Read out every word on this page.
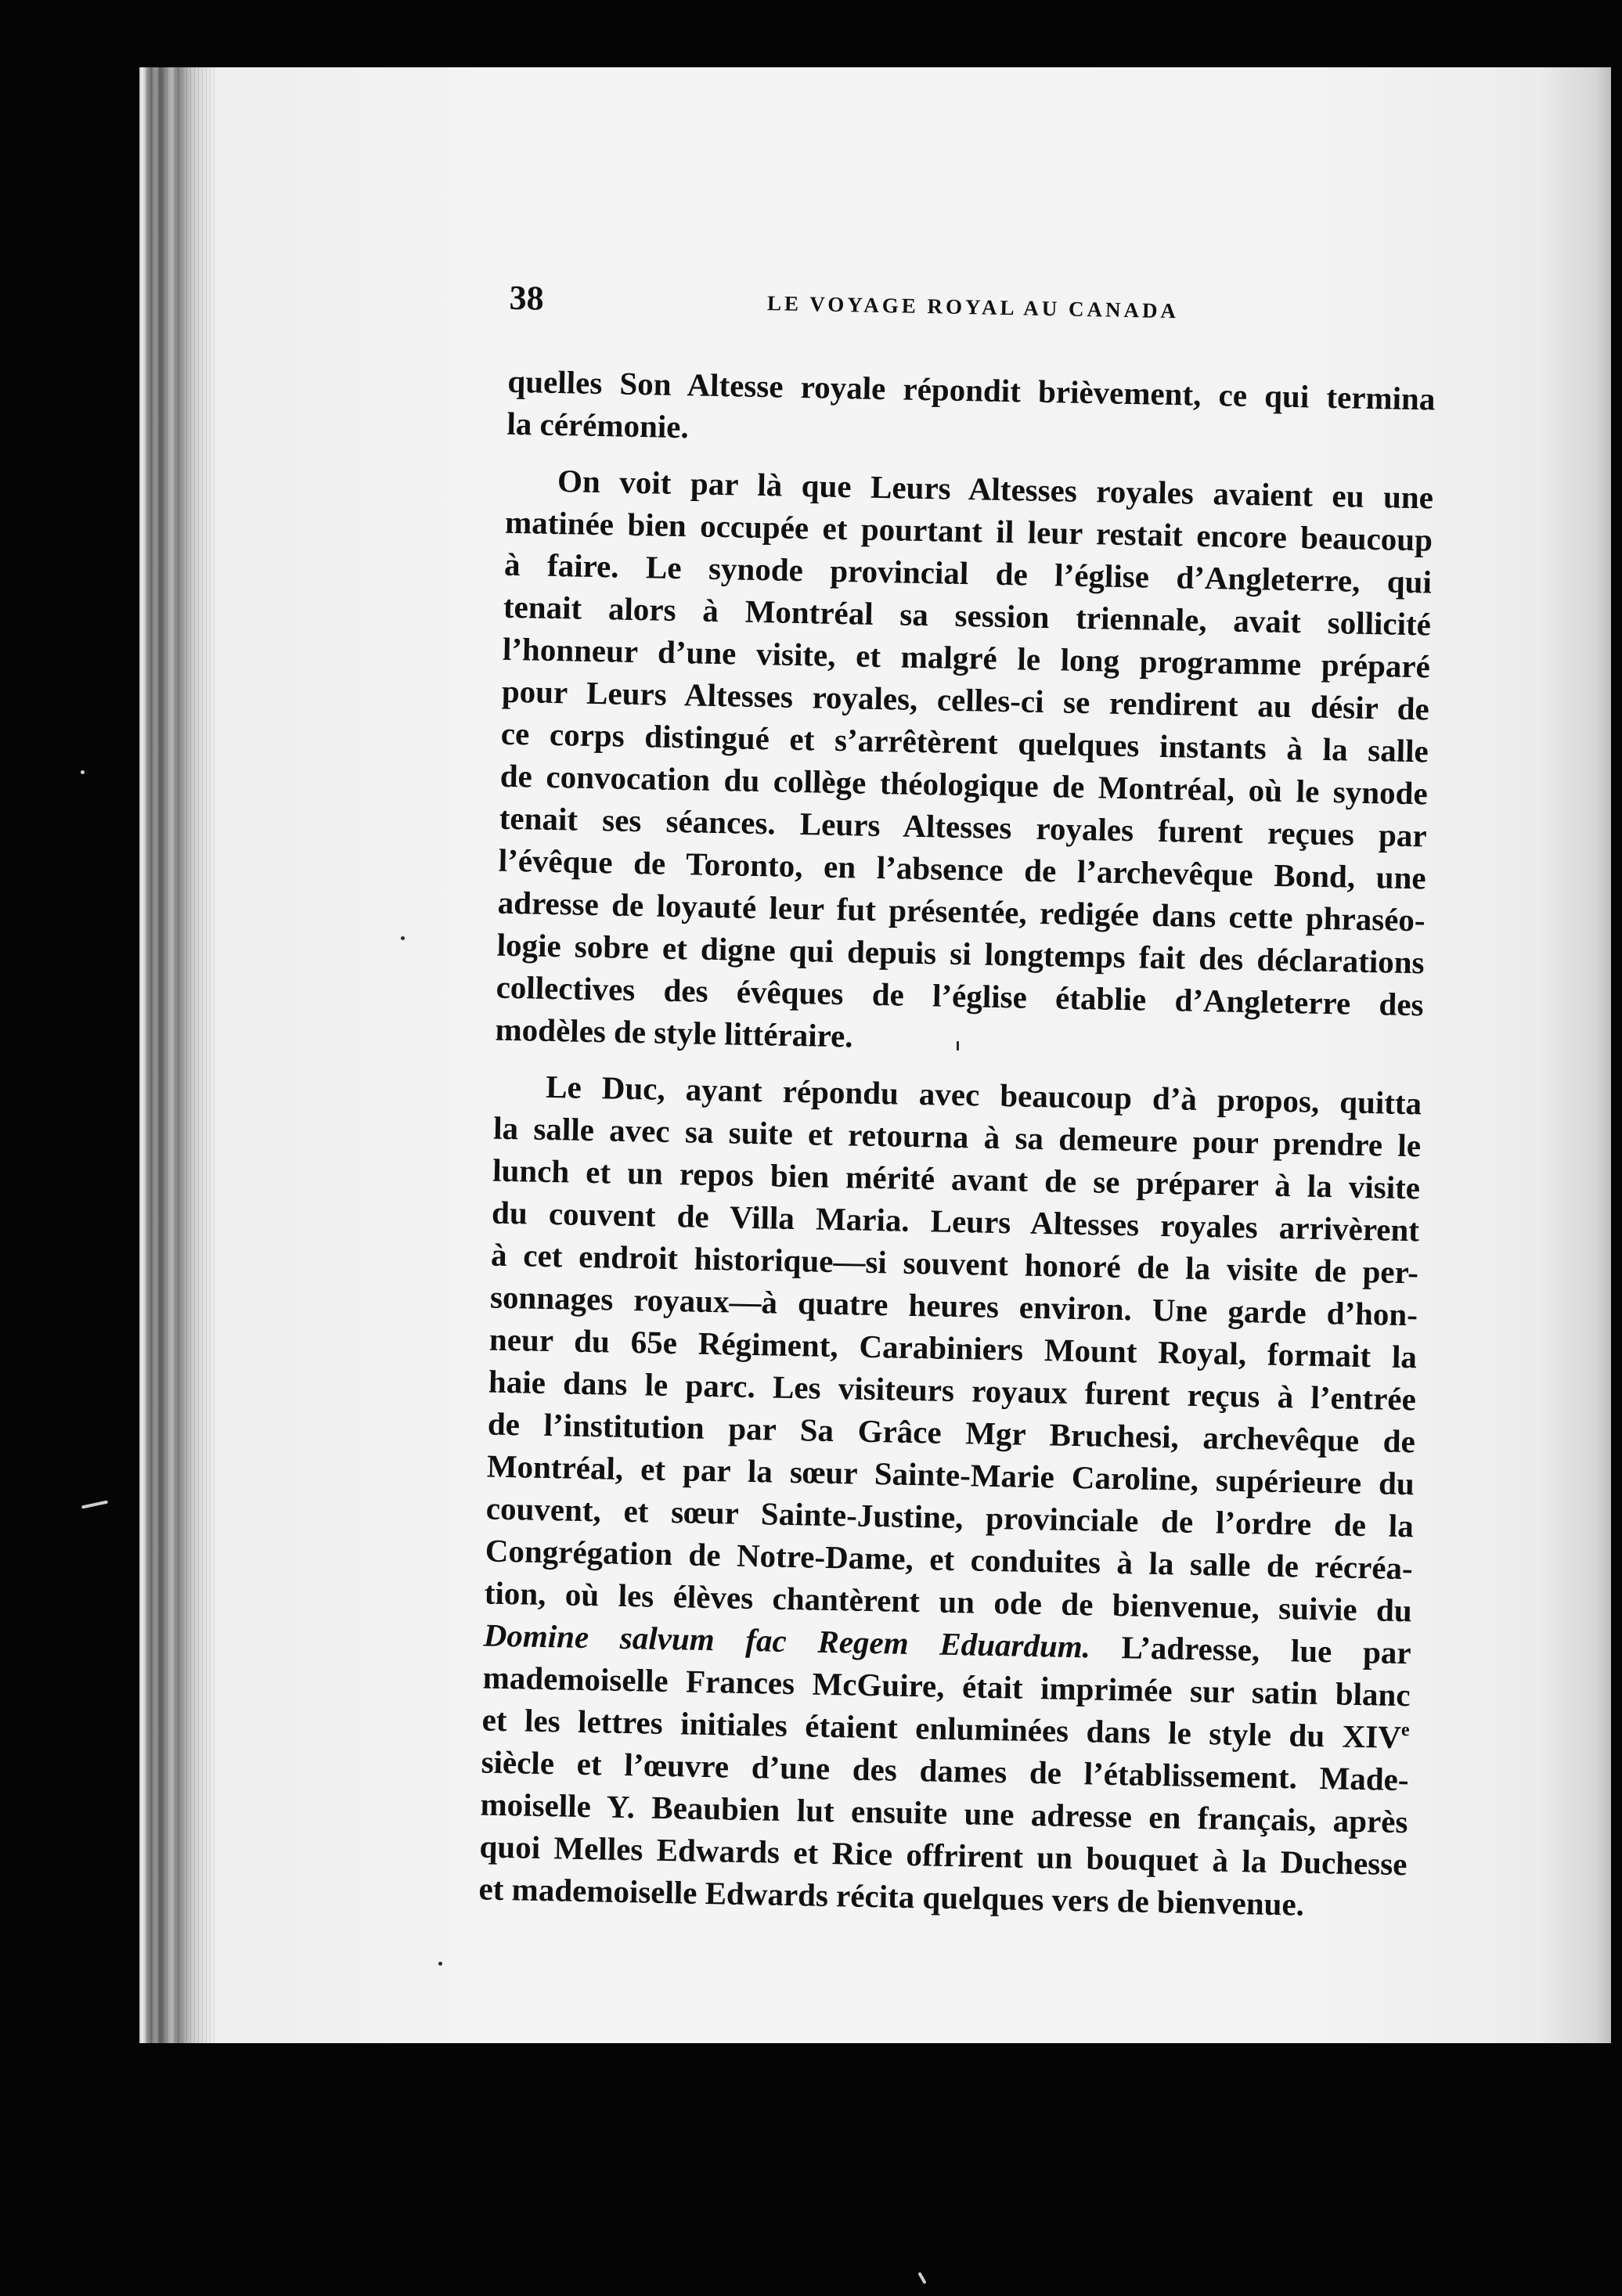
38	LE VOYAGE ROYAL AU CANADA
quelles Son Altesse royale répondit brièvement, ce qui termina
la cérémonie.
On voit par là que Leurs Altesses royales avaient eu une
matinée bien occupée et pourtant il leur restait encore beaucoup
à faire. Le synode provincial de l’église d’Angleterre, qui
tenait alors à Montréal sa session triennale, avait sollicité
l’honneur d’une visite, et malgré le long programme préparé
pour Leurs Altesses royales, celles-ci se rendirent au désir de
ce corps distingué et s’arrêtèrent quelques instants à la salle
de convocation du collège théologique de Montréal, où le synode
tenait ses séances. Leurs Altesses royales furent reçues par
l’évêque de Toronto, en l’absence de l’archevêque Bond, une
adresse de loyauté leur fut présentée, redigée dans cette phraséo-
logie sobre et digne qui depuis si longtemps fait des déclarations
collectives des évêques de l’église établie d’Angleterre des
modèles de style littéraire.
Le Duc, ayant répondu avec beaucoup d’à propos, quitta
la salle avec sa suite et retourna à sa demeure pour prendre le
lunch et un repos bien mérité avant de se préparer à la visite
du couvent de Villa Maria. Leurs Altesses royales arrivèrent
à cet endroit historique—si souvent honoré de la visite de per-
sonnages royaux—à quatre heures environ. Une garde d’hon-
neur du 65e Régiment, Carabiniers Mount Royal, formait la
haie dans le parc. Les visiteurs royaux furent reçus à l’entrée
de l’institution par Sa Grâce Mgr Bruchesi, archevêque de
Montréal, et par la sœur Sainte-Marie Caroline, supérieure du
couvent, et sœur Sainte-Justine, provinciale de l’ordre de la
Congrégation de Notre-Dame, et conduites à la salle de récréa-
tion, où les élèves chantèrent un ode de bienvenue, suivie du
Domine salvum fac Regem Eduardum. L’adresse, lue par
mademoiselle Frances McGuire, était imprimée sur satin blanc
et les lettres initiales étaient enluminées dans le style du XIVe
siècle et l’œuvre d’une des dames de l’établissement. Made-
moiselle Y. Beaubien lut ensuite une adresse en français, après
quoi Melles Edwards et Rice offrirent un bouquet à la Duchesse
et mademoiselle Edwards récita quelques vers de bienvenue.
